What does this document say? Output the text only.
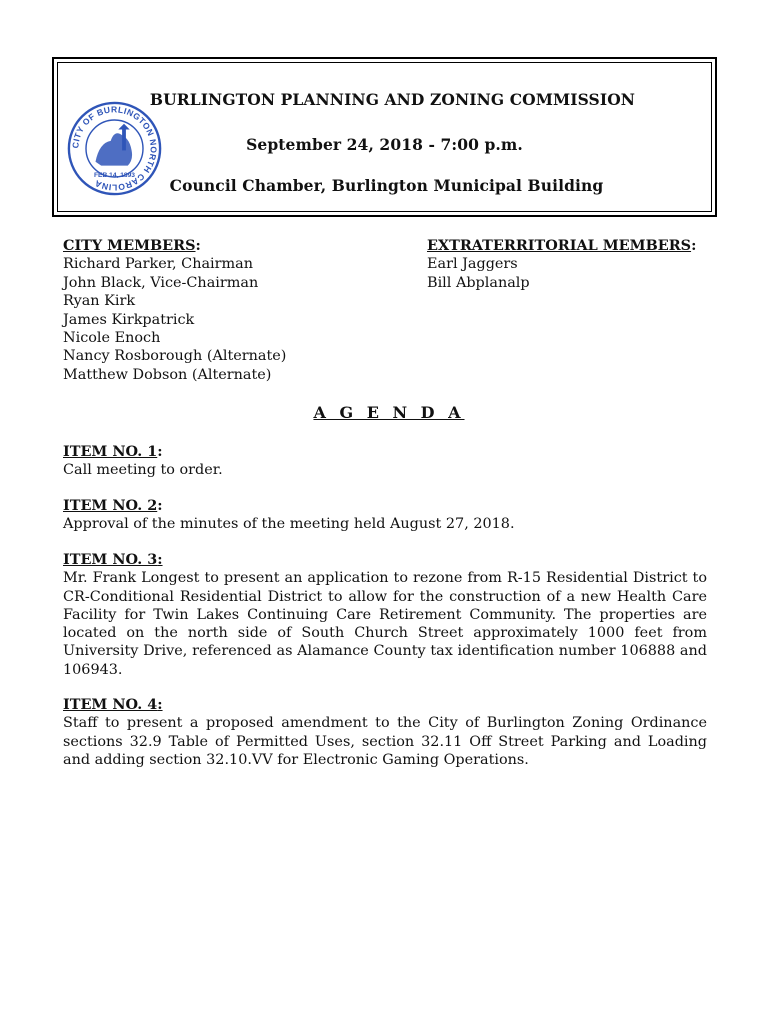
CITY OF BURLINGTON NORTH CAROLINA
FEB 14, 1893
BURLINGTON PLANNING AND ZONING COMMISSION
September 24, 2018 - 7:00 p.m.
Council Chamber, Burlington Municipal Building
CITY MEMBERS:
Richard Parker, Chairman
John Black, Vice-Chairman
Ryan Kirk
James Kirkpatrick
Nicole Enoch
Nancy Rosborough (Alternate)
Matthew Dobson (Alternate)
EXTRATERRITORIAL MEMBERS:
Earl Jaggers
Bill Abplanalp
A G E N D A
ITEM NO. 1:
Call meeting to order.
ITEM NO. 2:
Approval of the minutes of the meeting held August 27, 2018.
ITEM NO. 3:
Mr. Frank Longest to present an application to rezone from R-15 Residential District to CR-Conditional Residential District to allow for the construction of a new Health Care Facility for Twin Lakes Continuing Care Retirement Community. The properties are located on the north side of South Church Street approximately 1000 feet from University Drive, referenced as Alamance County tax identification number 106888 and 106943.
ITEM NO. 4:
Staff to present a proposed amendment to the City of Burlington Zoning Ordinance sections 32.9 Table of Permitted Uses, section 32.11 Off Street Parking and Loading and adding section 32.10.VV for Electronic Gaming Operations.
